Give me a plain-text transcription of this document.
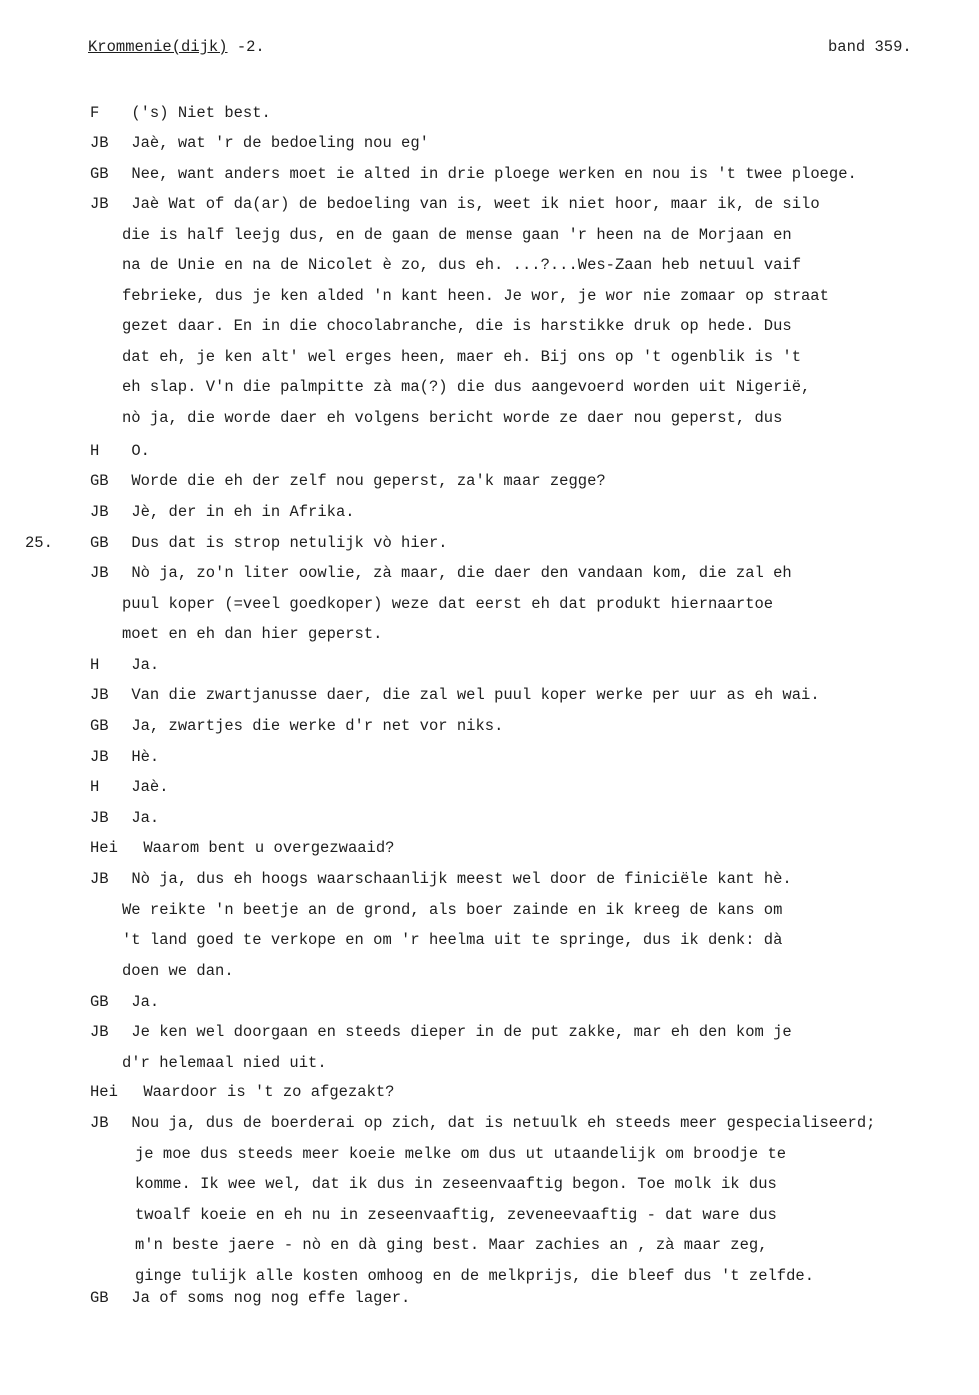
Krommenie(dijk) -2.	band 359.
25.
F ('s) Niet best.
JB Jaè, wat 'r de bedoeling nou eg'
GB Nee, want anders moet ie alted in drie ploege werken en nou is 't twee ploege.
JB Jaè Wat of da(ar) de bedoeling van is, weet ik niet hoor, maar ik, de silo
die is half leejg dus, en de gaan de mense gaan 'r heen na de Morjaan en
na de Unie en na de Nicolet è zo, dus eh. ...?...Wes-Zaan heb netuul vaif
febrieke, dus je ken alded 'n kant heen. Je wor, je wor nie zomaar op straat
gezet daar. En in die chocolabranche, die is harstikke druk op hede. Dus
dat eh, je ken alt' wel erges heen, maer eh. Bij ons op 't ogenblik is 't
eh slap. V'n die palmpitte zà ma(?) die dus aangevoerd worden uit Nigerië,
nò ja, die worde daer eh volgens bericht worde ze daer nou geperst, dus
H O.
GB Worde die eh der zelf nou geperst, za'k maar zegge?
JB Jè, der in eh in Afrika.
GB Dus dat is strop netulijk vò hier.
JB Nò ja, zo'n liter oowlie, zà maar, die daer den vandaan kom, die zal eh
puul koper (=veel goedkoper) weze dat eerst eh dat produkt hiernaartoe
moet en eh dan hier geperst.
H Ja.
JB Van die zwartjanusse daer, die zal wel puul koper werke per uur as eh wai.
GB Ja, zwartjes die werke d'r net vor niks.
JB Hè.
H Jaè.
JB Ja.
Hei Waarom bent u overgezwaaid?
JB Nò ja, dus eh hoogs waarschaanlijk meest wel door de finiciële kant hè.
We reikte 'n beetje an de grond, als boer zainde en ik kreeg de kans om
't land goed te verkope en om 'r heelma uit te springe, dus ik denk: dà
doen we dan.
GB Ja.
JB Je ken wel doorgaan en steeds dieper in de put zakke, mar eh den kom je
d'r helemaal nied uit.
Hei Waardoor is 't zo afgezakt?
JB Nou ja, dus de boerderai op zich, dat is netuulk eh steeds meer gespecialiseerd;
je moe dus steeds meer koeie melke om dus ut utaandelijk om broodje te
komme. Ik wee wel, dat ik dus in zeseenvaaftig begon. Toe molk ik dus
twoalf koeie en eh nu in zeseenvaaftig, zeveneevaaftig - dat ware dus
m'n beste jaere - nò en dà ging best. Maar zachies an , zà maar zeg,
ginge tulijk alle kosten omhoog en de melkprijs, die bleef dus 't zelfde.
GB Ja of soms nog nog effe lager.
